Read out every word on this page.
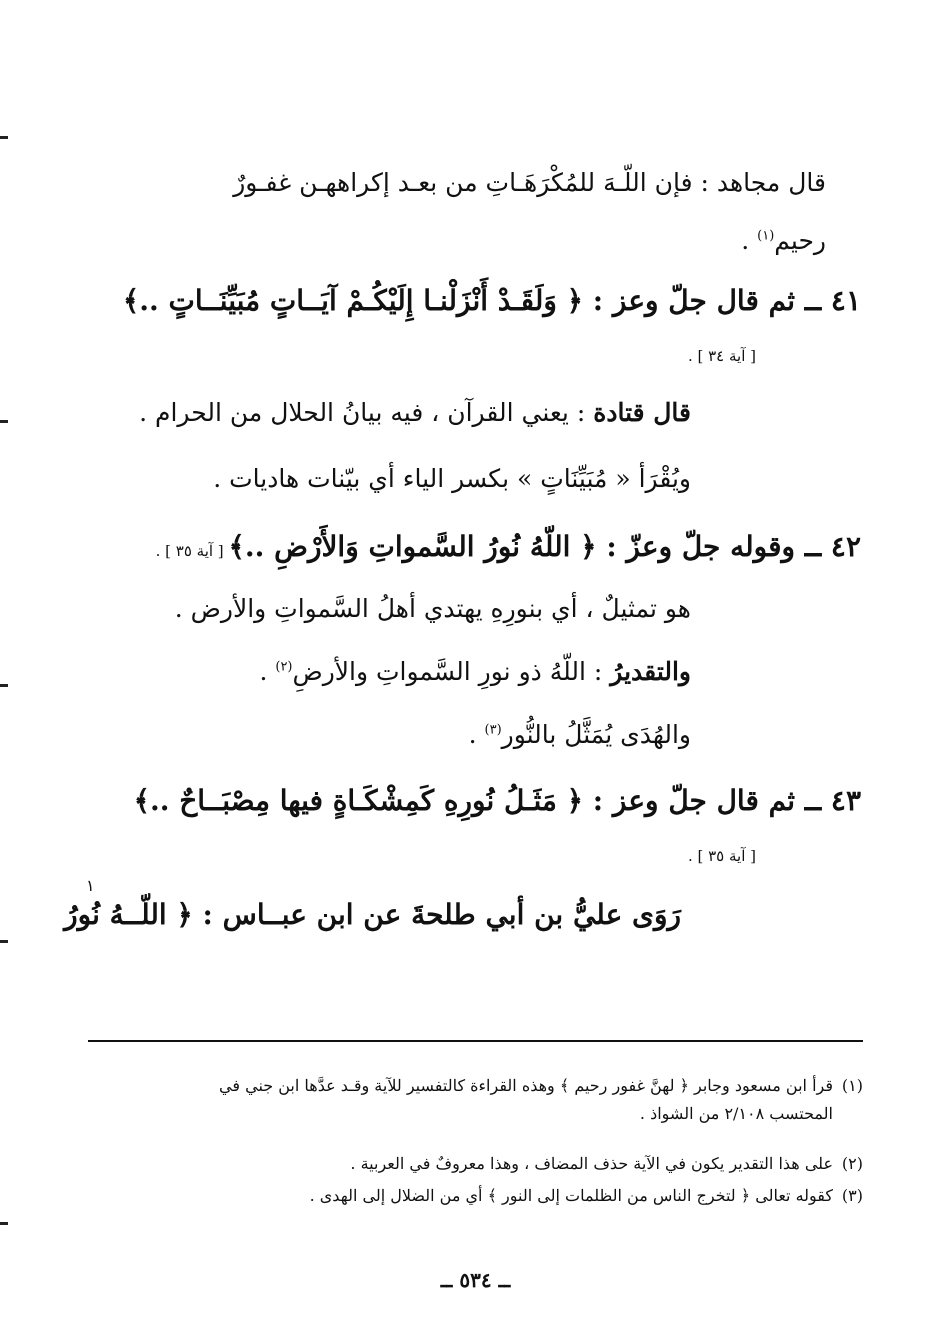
قال مجاهد : فإن اللّـهَ للمُكْرَهَـاتِ من بعـد إكراههـن غفـورٌ
رحيم$^{(١)}$ .
٤١ ــ ثم قال جلّ وعز : ﴿ وَلَقَـدْ أَنْزَلْنـا إِلَيْكُـمْ آيَــاتٍ مُبَيِّنَــاتٍ ..﴾
[ آية ٣٤ ] .
قال قتادة : يعني القرآن ، فيه بيانُ الحلال من الحرام .
ويُقْرَأ « مُبَيِّنَاتٍ » بكسر الياء أي بيّنات هاديات .
٤٢ ــ وقوله جلّ وعزّ : ﴿ اللّهُ نُورُ السَّمواتِ وَالأَرْضِ ..﴾ [ آية ٣٥ ] .
هو تمثيلٌ ، أي بنورِهِ يهتدي أهلُ السَّمواتِ والأرض .
والتقديرُ : اللّهُ ذو نورِ السَّمواتِ والأرضِ$^{(٢)}$ .
والهُدَى يُمَثَّلُ بالنُّور$^{(٣)}$ .
٤٣ ــ ثم قال جلّ وعز : ﴿ مَثَـلُ نُورِهِ كَمِشْكَـاةٍ فيها مِصْبَــاحٌ ..﴾
[ آية ٣٥ ] .
رَوَى عليُّ بن أبي طلحةَ عن ابن عبــاس : ﴿ اللّــهُ نُورُ
١
(١)
قرأ ابن مسعود وجابر ﴿ لهنَّ غفور رحيم ﴾ وهذه القراءة كالتفسير للآية وقـد عدَّها ابن جني في
المحتسب ٢/١٠٨ من الشواذ .
(٢)
على هذا التقدير يكون في الآية حذف المضاف ، وهذا معروفٌ في العربية .
(٣)
كقوله تعالى ﴿ لتخرج الناس من الظلمات إلى النور ﴾ أي من الضلال إلى الهدى .
ــ ٥٣٤ ــ
